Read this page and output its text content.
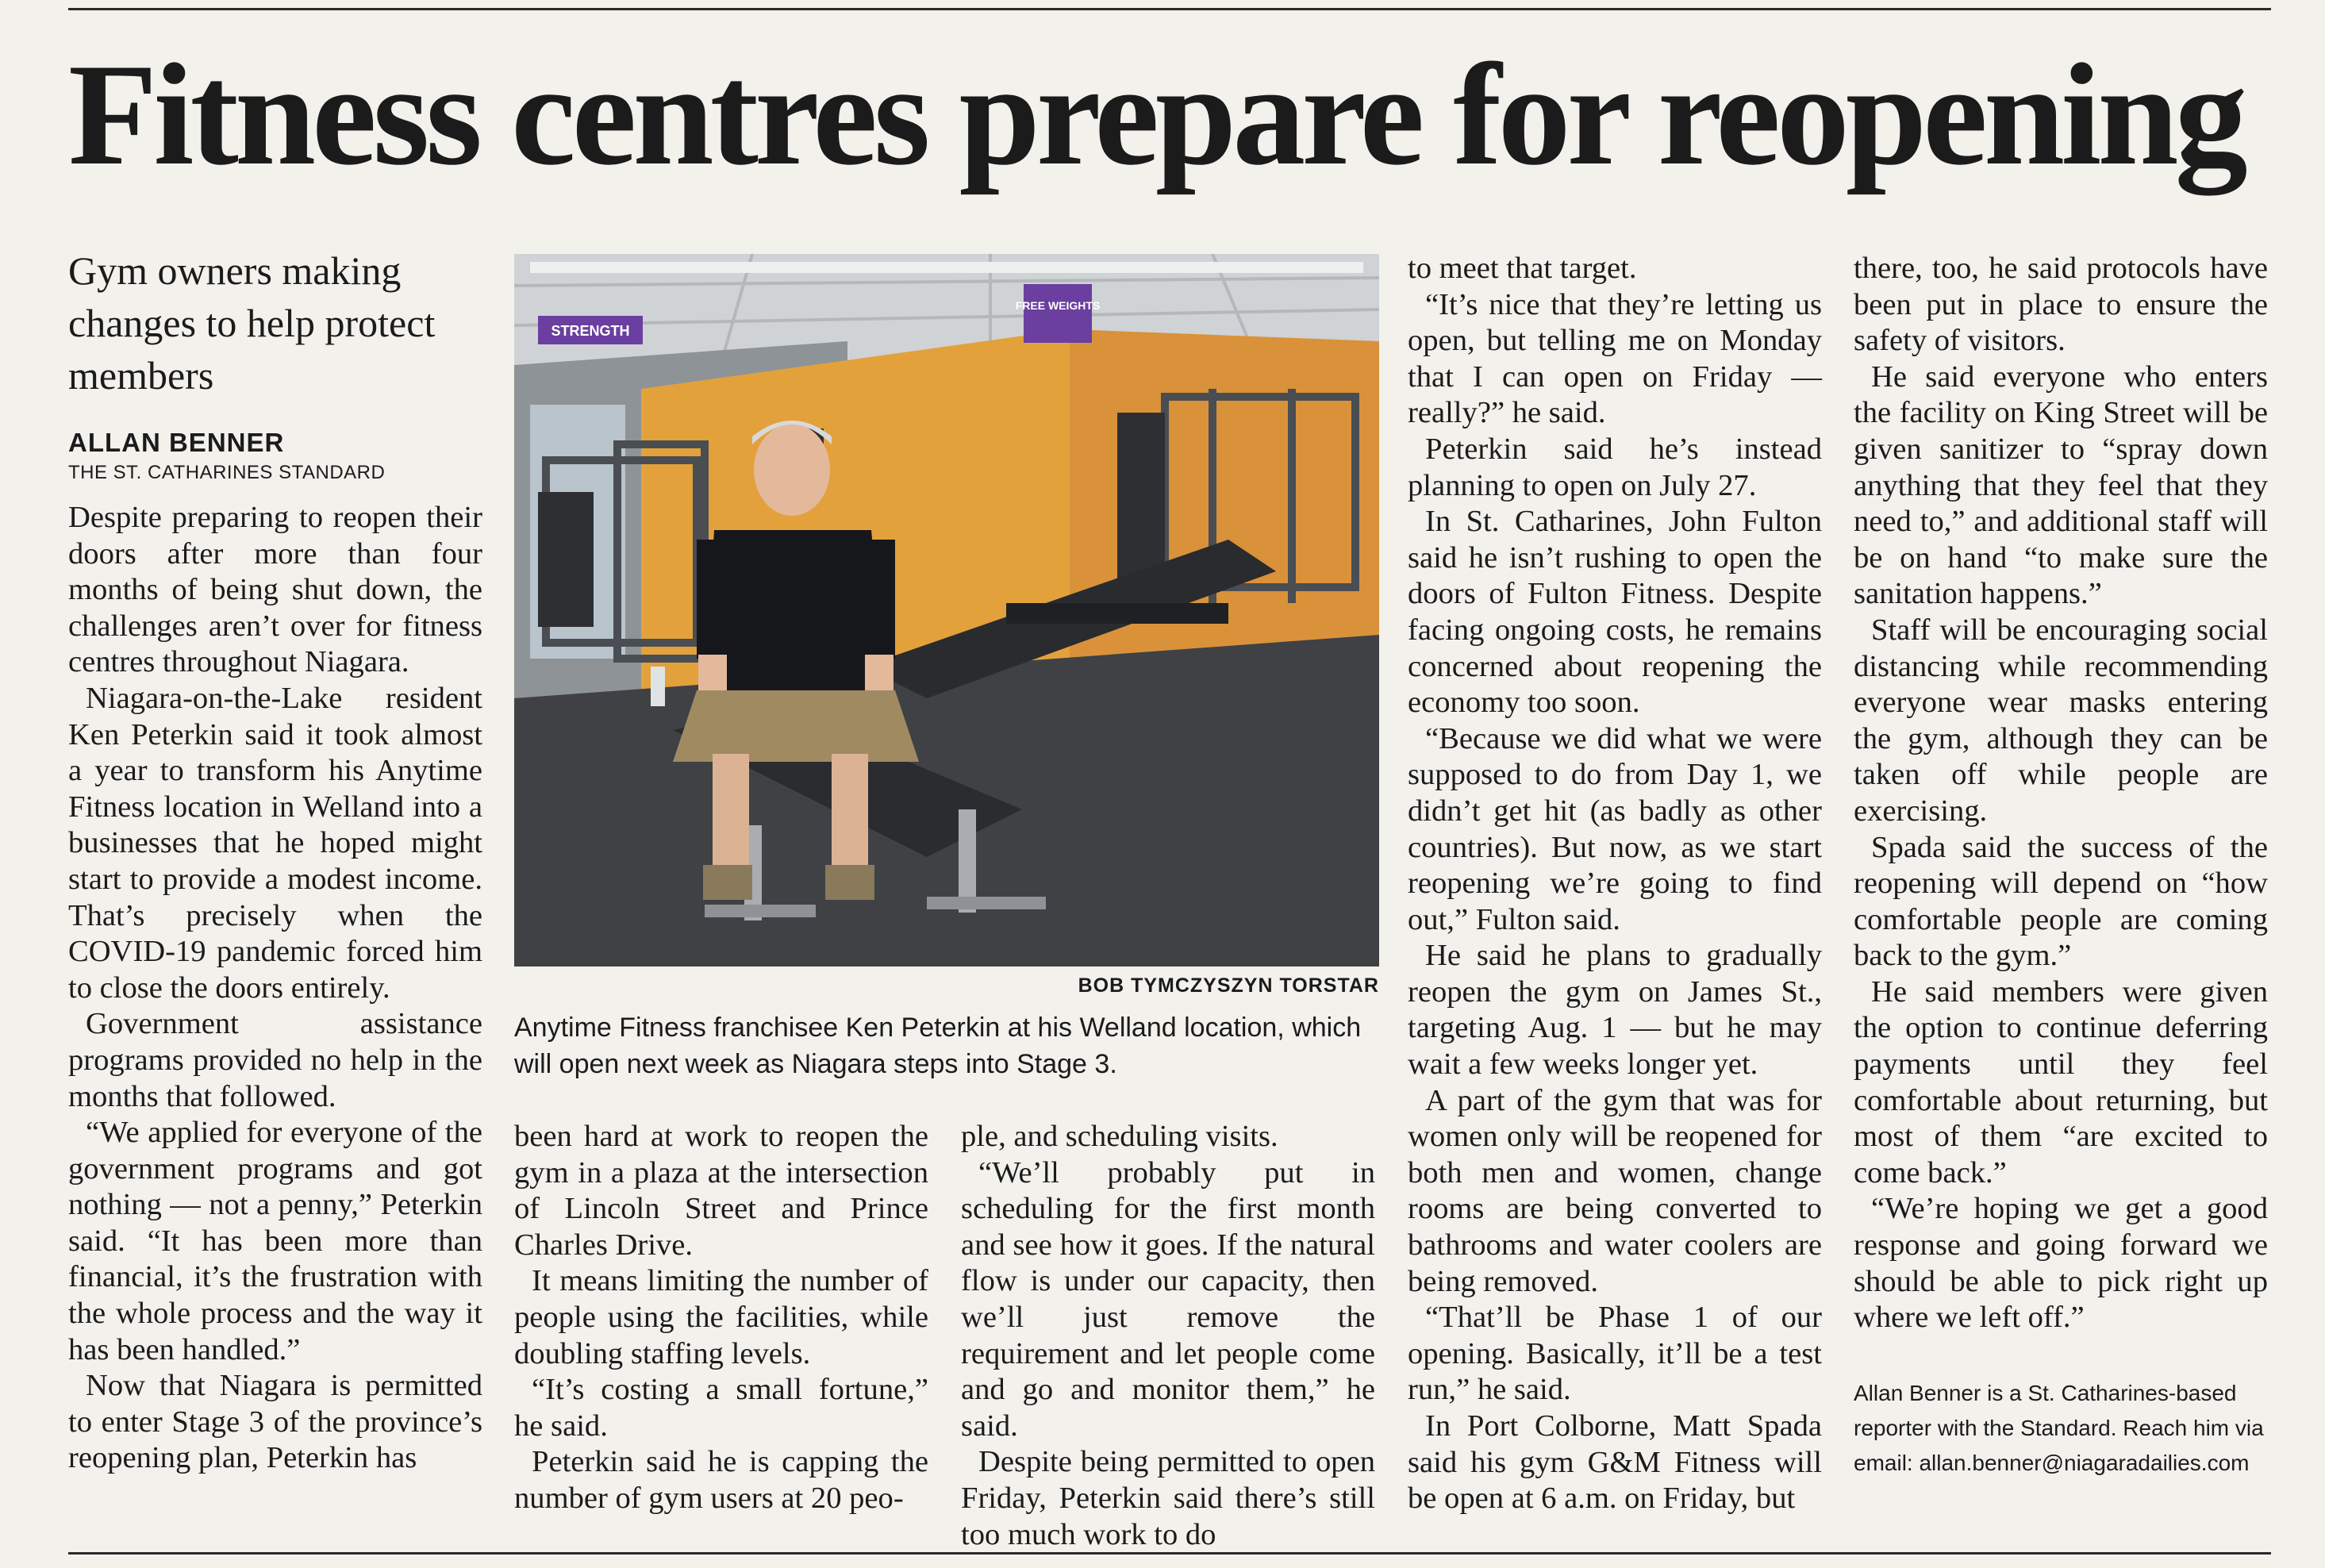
Fitness centres prepare for reopening

Gym owners making changes to help protect members

ALLAN BENNER

THE ST. CATHARINES STANDARD

Despite preparing to reopen their doors after more than four months of being shut down, the challenges aren’t over for fitness centres throughout Niagara.

Niagara-on-the-Lake resident Ken Peterkin said it took almost a year to transform his Anytime Fitness location in Welland into a businesses that he hoped might start to provide a modest income. That’s precisely when the COVID-19 pandemic forced him to close the doors entirely.

Government assistance programs provided no help in the months that followed.

“We applied for everyone of the government programs and got nothing — not a penny,” Peterkin said. “It has been more than financial, it’s the frustration with the whole process and the way it has been handled.”

Now that Niagara is permitted to enter Stage 3 of the province’s reopening plan, Peterkin has

STRENGTH
FREE WEIGHTS

BOB TYMCZYSZYN TORSTAR

Anytime Fitness franchisee Ken Peterkin at his Welland location, which will open next week as Niagara steps into Stage 3.

been hard at work to reopen the gym in a plaza at the intersection of Lincoln Street and Prince Charles Drive.

It means limiting the number of people using the facilities, while doubling staffing levels.

“It’s costing a small fortune,” he said.

Peterkin said he is capping the number of gym users at 20 peo-

ple, and scheduling visits.

“We’ll probably put in scheduling for the first month and see how it goes. If the natural flow is under our capacity, then we’ll just remove the requirement and let people come and go and monitor them,” he said.

Despite being permitted to open Friday, Peterkin said there’s still too much work to do

to meet that target.

“It’s nice that they’re letting us open, but telling me on Monday that I can open on Friday — really?” he said.

Peterkin said he’s instead planning to open on July 27.

In St. Catharines, John Fulton said he isn’t rushing to open the doors of Fulton Fitness. Despite facing ongoing costs, he remains concerned about reopening the economy too soon.

“Because we did what we were supposed to do from Day 1, we didn’t get hit (as badly as other countries). But now, as we start reopening we’re going to find out,” Fulton said.

He said he plans to gradually reopen the gym on James St., targeting Aug. 1 — but he may wait a few weeks longer yet.

A part of the gym that was for women only will be reopened for both men and women, change rooms are being converted to bathrooms and water coolers are being removed.

“That’ll be Phase 1 of our opening. Basically, it’ll be a test run,” he said.

In Port Colborne, Matt Spada said his gym G&M Fitness will be open at 6 a.m. on Friday, but

there, too, he said protocols have been put in place to ensure the safety of visitors.

He said everyone who enters the facility on King Street will be given sanitizer to “spray down anything that they feel that they need to,” and additional staff will be on hand “to make sure the sanitation happens.”

Staff will be encouraging social distancing while recommending everyone wear masks entering the gym, although they can be taken off while people are exercising.

Spada said the success of the reopening will depend on “how comfortable people are coming back to the gym.”

He said members were given the option to continue deferring payments until they feel comfortable about returning, but most of them “are excited to come back.”

“We’re hoping we get a good response and going forward we should be able to pick right up where we left off.”

Allan Benner is a St. Catharines-based reporter with the Standard. Reach him via email: allan.benner@niagaradailies.com
